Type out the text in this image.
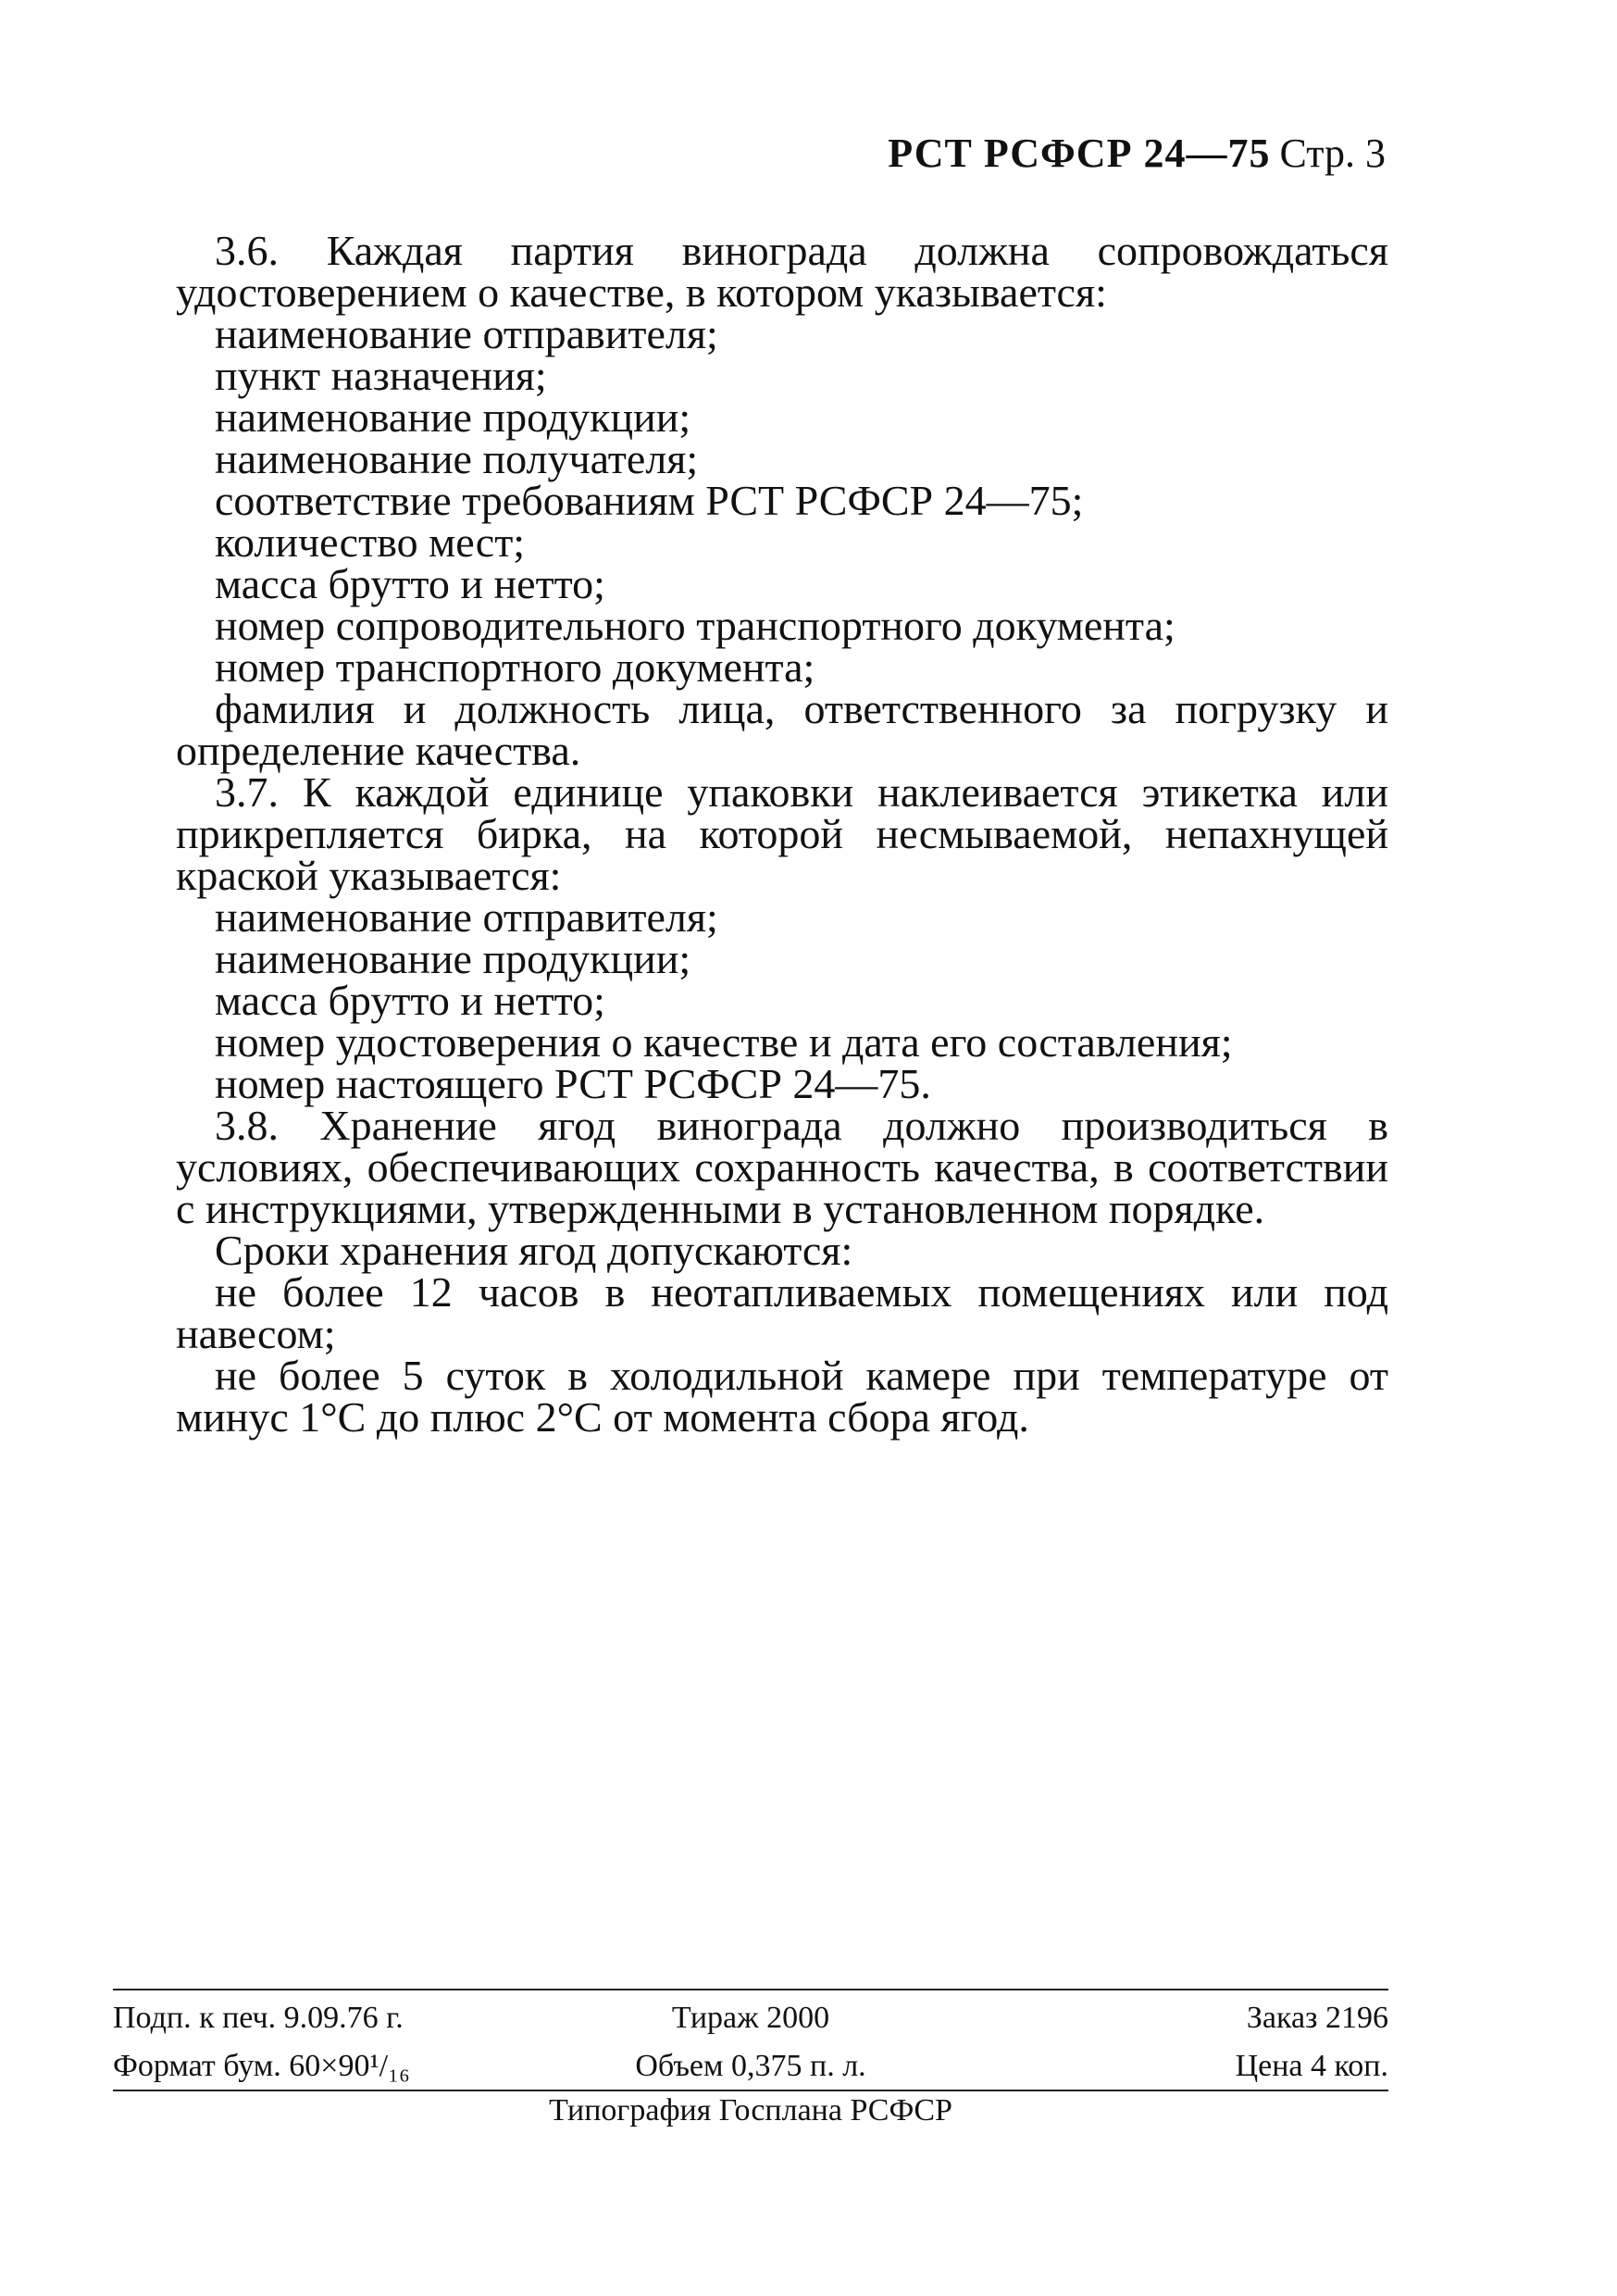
РСТ РСФСР 24—75 Стр. 3
3.6. Каждая партия винограда должна сопровождаться удостоверением о качестве, в котором указывается:
наименование отправителя;
пункт назначения;
наименование продукции;
наименование получателя;
соответствие требованиям РСТ РСФСР 24—75;
количество мест;
масса брутто и нетто;
номер сопроводительного транспортного документа;
номер транспортного документа;
фамилия и должность лица, ответственного за погрузку и определение качества.
3.7. К каждой единице упаковки наклеивается этикетка или прикрепляется бирка, на которой несмываемой, непахнущей краской указывается:
наименование отправителя;
наименование продукции;
масса брутто и нетто;
номер удостоверения о качестве и дата его составления;
номер настоящего РСТ РСФСР 24—75.
3.8. Хранение ягод винограда должно производиться в условиях, обеспечивающих сохранность качества, в соответствии с инструкциями, утвержденными в установленном порядке.
Сроки хранения ягод допускаются:
не более 12 часов в неотапливаемых помещениях или под навесом;
не более 5 суток в холодильной камере при температуре от минус 1°С до плюс 2°С от момента сбора ягод.
Подп. к печ. 9.09.76 г.	Тираж 2000	Заказ 2196
Формат бум. 60×90¹/₁₆	Объем 0,375 п. л.	Цена 4 коп.
Типография Госплана РСФСР
